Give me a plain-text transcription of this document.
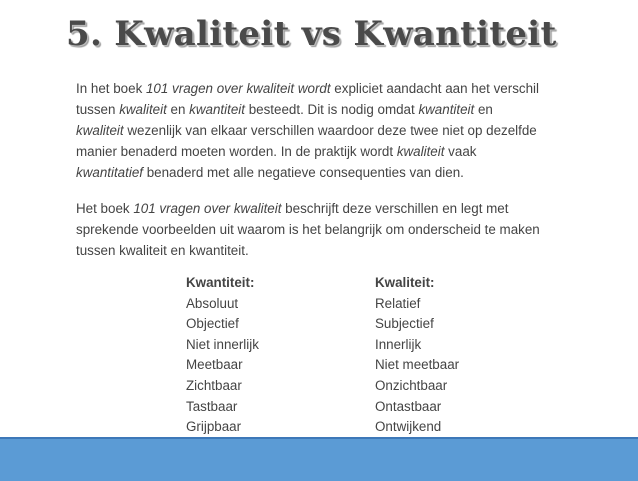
5. Kwaliteit vs Kwantiteit
In het boek 101 vragen over kwaliteit wordt expliciet aandacht aan het verschil
tussen kwaliteit en kwantiteit besteedt. Dit is nodig omdat kwantiteit en
kwaliteit wezenlijk van elkaar verschillen waardoor deze twee niet op dezelfde
manier benaderd moeten worden. In de praktijk wordt kwaliteit vaak
kwantitatief benaderd met alle negatieve consequenties van dien.
Het boek 101 vragen over kwaliteit beschrijft deze verschillen en legt met
sprekende voorbeelden uit waarom is het belangrijk om onderscheid te maken
tussen kwaliteit en kwantiteit.
Kwantiteit:
Absoluut
Objectief
Niet innerlijk
Meetbaar
Zichtbaar
Tastbaar
Grijpbaar
Kwaliteit:
Relatief
Subjectief
Innerlijk
Niet meetbaar
Onzichtbaar
Ontastbaar
Ontwijkend
